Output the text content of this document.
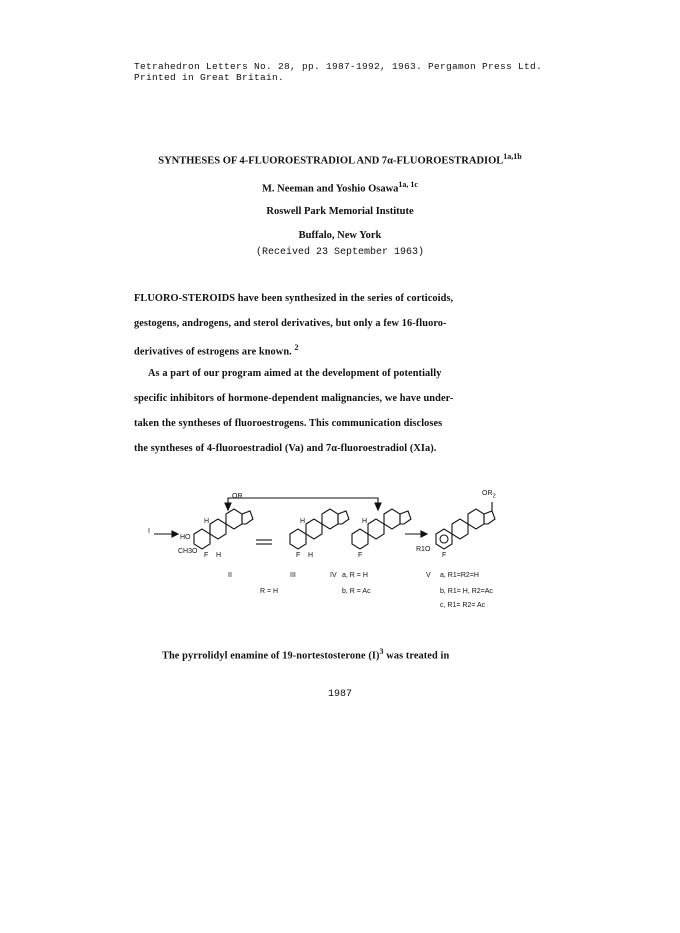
Tetrahedron Letters No. 28, pp. 1987-1992, 1963. Pergamon Press Ltd.
Printed in Great Britain.
SYNTHESES OF 4-FLUOROESTRADIOL AND $7\alpha-FLUOROESTRADIOL^{1a,1b}$
M. Neeman and Yoshio Osawa$^{1a, 1c}$
Roswell Park Memorial Institute
Buffalo, New York
(Received 23 September 1963)
FLUORO-STEROIDS have been synthesized in the series of corticoids,
gestogens, androgens, and sterol derivatives, but only a few 16-fluoro-
derivatives of estrogens are known. $^2$
As a part of our program aimed at the development of potentially
specific inhibitors of hormone-dependent malignancies, we have under-
taken the syntheses of fluoroestrogens. This communication discloses
the syntheses of 4-fluoroestradiol (Va) and 7α-fluoroestradiol (XIa).
I
OR	$OR_2$
H	H	H
HO
CH3O
F H	F H	F
R1O
F
II	III	IV a, R = H
R = H	b, R = Ac
V a, R1=R2=H
b, R1= H, R2=Ac
c, R1= R2= Ac
The pyrrolidyl enamine of 19-nortestosterone $(I)^3$ was treated in
1987
